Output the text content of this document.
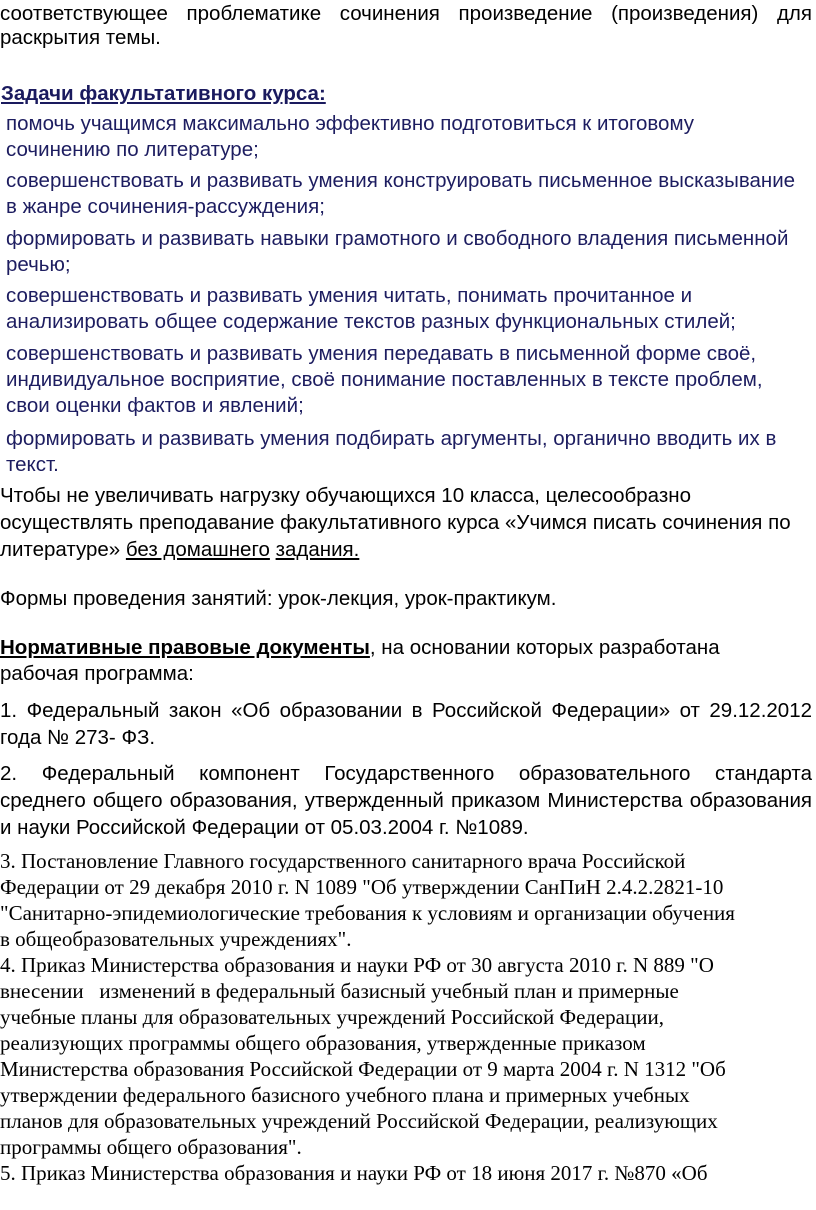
соответствующее проблематике сочинения произведение (произведения) для
раскрытия темы.
Задачи факультативного курса:
помочь учащимся максимально эффективно подготовиться к итоговому
сочинению по литературе;
совершенствовать и развивать умения конструировать письменное высказывание
в жанре сочинения-рассуждения;
формировать и развивать навыки грамотного и свободного владения письменной
речью;
совершенствовать и развивать умения читать, понимать прочитанное и
анализировать общее содержание текстов разных функциональных стилей;
совершенствовать и развивать умения передавать в письменной форме своё,
индивидуальное восприятие, своё понимание поставленных в тексте проблем,
свои оценки фактов и явлений;
формировать и развивать умения подбирать аргументы, органично вводить их в
текст.
Чтобы не увеличивать нагрузку обучающихся 10 класса, целесообразно
осуществлять преподавание факультативного курса «Учимся писать сочинения по
литературе» без домашнего задания.
Формы проведения занятий: урок-лекция, урок-практикум.
Нормативные правовые документы, на основании которых разработана
рабочая программа:
1. Федеральный закон «Об образовании в Российской Федерации» от 29.12.2012
года № 273- ФЗ.
2. Федеральный компонент Государственного образовательного стандарта
среднего общего образования, утвержденный приказом Министерства образования
и науки Российской Федерации от 05.03.2004 г. №1089.
3. Постановление Главного государственного санитарного врача Российской
Федерации от 29 декабря 2010 г. N 1089 "Об утверждении СанПиН 2.4.2.2821-10
"Санитарно-эпидемиологические требования к условиям и организации обучения
в общеобразовательных учреждениях".
4. Приказ Министерства образования и науки РФ от 30 августа 2010 г. N 889 "О
внесении   изменений в федеральный базисный учебный план и примерные
учебные планы для образовательных учреждений Российской Федерации,
реализующих программы общего образования, утвержденные приказом
Министерства образования Российской Федерации от 9 марта 2004 г. N 1312 "Об
утверждении федерального базисного учебного плана и примерных учебных
планов для образовательных учреждений Российской Федерации, реализующих
программы общего образования".
5. Приказ Министерства образования и науки РФ от 18 июня 2017 г. №870 «Об
